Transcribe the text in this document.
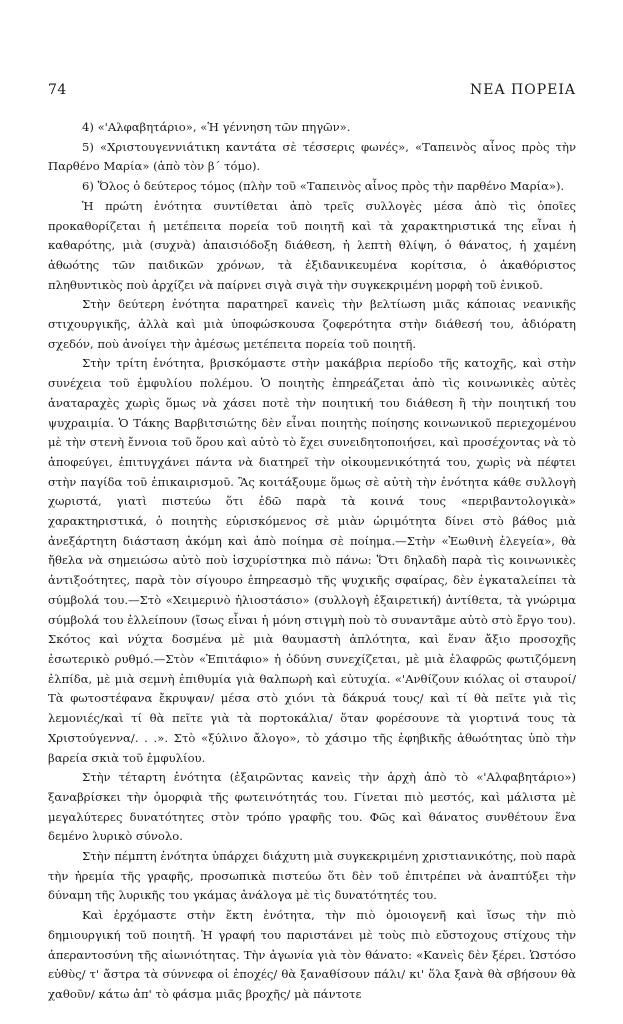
74	ΝΕΑ ΠΟΡΕΙΑ

4) «'Αλφαβητάριο», «Ἡ γέννηση τῶν πηγῶν».

5) «Χριστουγεννιάτικη καντάτα σὲ τέσσερις φωνές», «Ταπεινὸς αἶνος πρὸς τὴν Παρθένο Μαρία» (ἀπὸ τὸν β΄ τόμο).

6) Ὅλος ὁ δεύτερος τόμος (πλὴν τοῦ «Ταπεινὸς αἶνος πρὸς τὴν παρθένο Μαρία»).

Ἡ πρώτη ἑνότητα συντίθεται ἀπὸ τρεῖς συλλογὲς μέσα ἀπὸ τὶς ὁποῖες προκαθορίζεται ἡ μετέπειτα πορεία τοῦ ποιητῆ καὶ τὰ χαρακτηριστικά της εἶναι ἡ καθαρότης, μιὰ (συχνὰ) ἀπαισιόδοξη διάθεση, ἡ λεπτὴ θλίψη, ὁ θάνατος, ἡ χαμένη ἀθωότης τῶν παιδικῶν χρόνων, τὰ ἐξιδανικευμένα κορίτσια, ὁ ἀκαθόριστος πληθυντικὸς ποὺ ἀρχίζει νὰ παίρνει σιγὰ σιγὰ τὴν συγκεκριμένη μορφὴ τοῦ ἑνικοῦ.

Στὴν δεύτερη ἑνότητα παρατηρεῖ κανεὶς τὴν βελτίωση μιᾶς κάποιας νεανικῆς στιχουργικῆς, ἀλλὰ καὶ μιὰ ὑποφώσκουσα ζοφερότητα στὴν διάθεσή του, ἀδιόρατη σχεδόν, ποὺ ἀνοίγει τὴν ἀμέσως μετέπειτα πορεία τοῦ ποιητῆ.

Στὴν τρίτη ἑνότητα, βρισκόμαστε στὴν μακάβρια περίοδο τῆς κατοχῆς, καὶ στὴν συνέχεια τοῦ ἐμφυλίου πολέμου. Ὁ ποιητὴς ἐπηρεάζεται ἀπὸ τὶς κοινωνικὲς αὐτὲς ἀναταραχὲς χωρὶς ὅμως νὰ χάσει ποτὲ τὴν ποιητική του διάθεση ἢ τὴν ποιητική του ψυχραιμία. Ὁ Τάκης Βαρβιτσιώτης δὲν εἶναι ποιητὴς ποίησης κοινωνικοῦ περιεχομένου μὲ τὴν στενὴ ἔννοια τοῦ ὅρου καὶ αὐτὸ τὸ ἔχει συνειδητοποιήσει, καὶ προσέχοντας νὰ τὸ ἀποφεύγει, ἐπιτυγχάνει πάντα νὰ διατηρεῖ τὴν οἰκουμενικότητά του, χωρὶς νὰ πέφτει στὴν παγίδα τοῦ ἐπικαιρισμοῦ. Ἂς κοιτάξουμε ὅμως σὲ αὐτὴ τὴν ἑνότητα κάθε συλλογὴ χωριστά, γιατὶ πιστεύω ὅτι ἐδῶ παρὰ τὰ κοινά τους «περιβαντολογικὰ» χαρακτηριστικά, ὁ ποιητὴς εὑρισκόμενος σὲ μιὰν ὡριμότητα δίνει στὸ βάθος μιὰ ἀνεξάρτητη διάσταση ἀκόμη καὶ ἀπὸ ποίημα σὲ ποίημα.—Στὴν «Ἑωθινὴ ἐλεγεία», θὰ ἤθελα νὰ σημειώσω αὐτὸ ποὺ ἰσχυρίστηκα πιὸ πάνω: Ὅτι δηλαδὴ παρὰ τὶς κοινωνικὲς ἀντιξοότητες, παρὰ τὸν σίγουρο ἐπηρεασμὸ τῆς ψυχικῆς σφαίρας, δὲν ἐγκαταλείπει τὰ σύμβολά του.—Στὸ «Χειμερινὸ ἡλιοστάσιο» (συλλογὴ ἐξαιρετική) ἀντίθετα, τὰ γνώριμα σύμβολά του ἐλλείπουν (ἴσως εἶναι ἡ μόνη στιγμὴ ποὺ τὸ συναντᾶμε αὐτὸ στὸ ἔργο του). Σκότος καὶ νύχτα δοσμένα μὲ μιὰ θαυμαστὴ ἁπλότητα, καὶ ἕναν ἄξιο προσοχῆς ἐσωτερικὸ ρυθμό.—Στὸν «Ἐπιτάφιο» ἡ ὀδύνη συνεχίζεται, μὲ μιὰ ἐλαφρῶς φωτιζόμενη ἐλπίδα, μὲ μιὰ σεμνὴ ἐπιθυμία γιὰ θαλπωρὴ καὶ εὐτυχία. «'Ανθίζουν κιόλας οἱ σταυροί/Τὰ φωτοστέφανα ἔκρυψαν/ μέσα στὸ χιόνι τὰ δάκρυά τους/ καὶ τί θὰ πεῖτε γιὰ τὶς λεμονιές/καὶ τί θὰ πεῖτε γιὰ τὰ πορτοκάλια/ ὅταν φορέσουνε τὰ γιορτινά τους τὰ Χριστούγεννα/. . .». Στὸ «ξύλινο ἄλογο», τὸ χάσιμο τῆς ἐφηβικῆς ἀθωότητας ὑπὸ τὴν βαρεία σκιὰ τοῦ ἐμφυλίου.

Στὴν τέταρτη ἑνότητα (ἐξαιρῶντας κανεὶς τὴν ἀρχὴ ἀπὸ τὸ «'Αλφαβητάριο») ξαναβρίσκει τὴν ὁμορφιὰ τῆς φωτεινότητάς του. Γίνεται πιὸ μεστός, καὶ μάλιστα μὲ μεγαλύτερες δυνατότητες στὸν τρόπο γραφῆς του. Φῶς καὶ θάνατος συνθέτουν ἕνα δεμένο λυρικὸ σύνολο.

Στὴν πέμπτη ἑνότητα ὑπάρχει διάχυτη μιὰ συγκεκριμένη χριστιανικότης, ποὺ παρὰ τὴν ἠρεμία τῆς γραφῆς, προσωπικὰ πιστεύω ὅτι δὲν τοῦ ἐπιτρέπει νὰ ἀναπτύξει τὴν δύναμη τῆς λυρικῆς του γκάμας ἀνάλογα μὲ τὶς δυνατότητές του.

Καὶ ἐρχόμαστε στὴν ἕκτη ἑνότητα, τὴν πιὸ ὁμοιογενῆ καὶ ἴσως τὴν πιὸ δημιουργική τοῦ ποιητῆ. Ἡ γραφή του παριστάνει μὲ τοὺς πιὸ εὔστοχους στίχους τὴν ἀπεραντοσύνη τῆς αἰωνιότητας. Τὴν ἀγωνία γιὰ τὸν θάνατο: «Κανεὶς δὲν ξέρει. Ὡστόσο εὐθὺς/ τ' ἄστρα τὰ σύννεφα οἱ ἐποχές/ θὰ ξαναθίσουν πάλι/ κι' ὅλα ξανὰ θὰ σβήσουν θὰ χαθοῦν/ κάτω ἀπ' τὸ φάσμα μιᾶς βροχῆς/ μὰ πάντοτε
